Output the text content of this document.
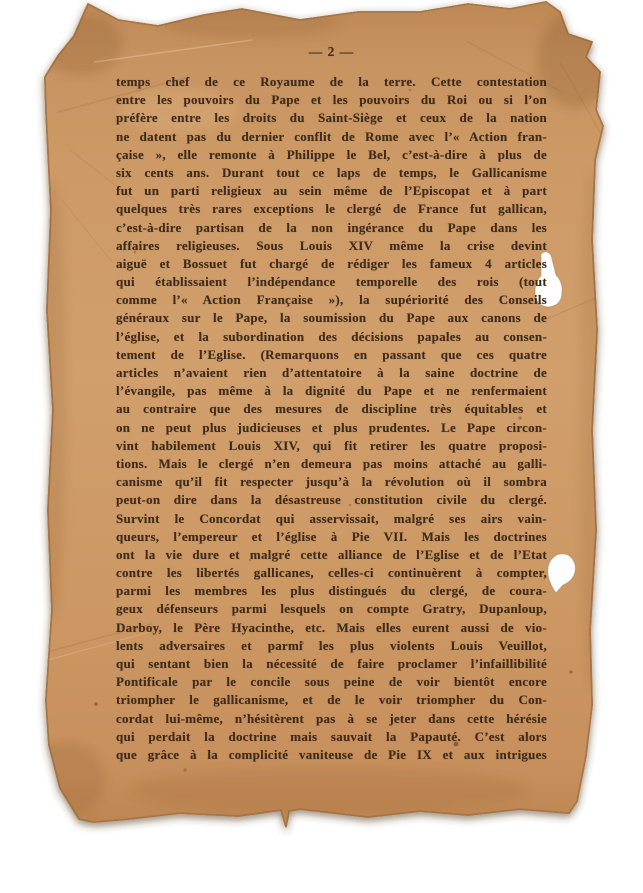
— 2 —
temps chef de ce Royaume de la terre. Cette contestation
entre les pouvoirs du Pape et les pouvoirs du Roi ou si l’on
préfère entre les droits du Saint-Siège et ceux de la nation
ne datent pas du dernier conflit de Rome avec l’« Action fran-
çaise », elle remonte à Philippe le Bel, c’est-à-dire à plus de
six cents ans. Durant tout ce laps de temps, le Gallicanisme
fut un parti religieux au sein même de l’Episcopat et à part
quelques très rares exceptions le clergé de France fut gallican,
c’est-à-dire partisan de la non ingérance du Pape dans les
affaires religieuses. Sous Louis XIV même la crise devint
aiguë et Bossuet fut chargé de rédiger les fameux 4 articles
qui établissaient l’indépendance temporelle des rois (tout
comme l’« Action Française »), la supériorité des Conseils
généraux sur le Pape, la soumission du Pape aux canons de
l’église, et la subordination des décisions papales au consen-
tement de l’Eglise. (Remarquons en passant que ces quatre
articles n’avaient rien d’attentatoire à la saine doctrine de
l’évangile, pas même à la dignité du Pape et ne renfermaient
au contraire que des mesures de discipline très équitables et
on ne peut plus judicieuses et plus prudentes. Le Pape circon-
vint habilement Louis XIV, qui fit retirer les quatre proposi-
tions. Mais le clergé n’en demeura pas moins attaché au galli-
canisme qu’il fit respecter jusqu’à la révolution où il sombra
peut-on dire dans la désastreuse constitution civile du clergé.
Survint le Concordat qui asservissait, malgré ses airs vain-
queurs, l’empereur et l’église à Pie VII. Mais les doctrines
ont la vie dure et malgré cette alliance de l’Eglise et de l’Etat
contre les libertés gallicanes, celles-ci continuèrent à compter,
parmi les membres les plus distingués du clergé, de coura-
geux défenseurs parmi lesquels on compte Gratry, Dupanloup,
Darboy, le Père Hyacinthe, etc. Mais elles eurent aussi de vio-
lents adversaires et parmi les plus violents Louis Veuillot,
qui sentant bien la nécessité de faire proclamer l’infaillibilité
Pontificale par le concile sous peine de voir bientôt encore
triompher le gallicanisme, et de le voir triompher du Con-
cordat lui-même, n’hésitèrent pas à se jeter dans cette hérésie
qui perdait la doctrine mais sauvait la Papauté. C’est alors
que grâce à la complicité vaniteuse de Pie IX et aux intrigues
